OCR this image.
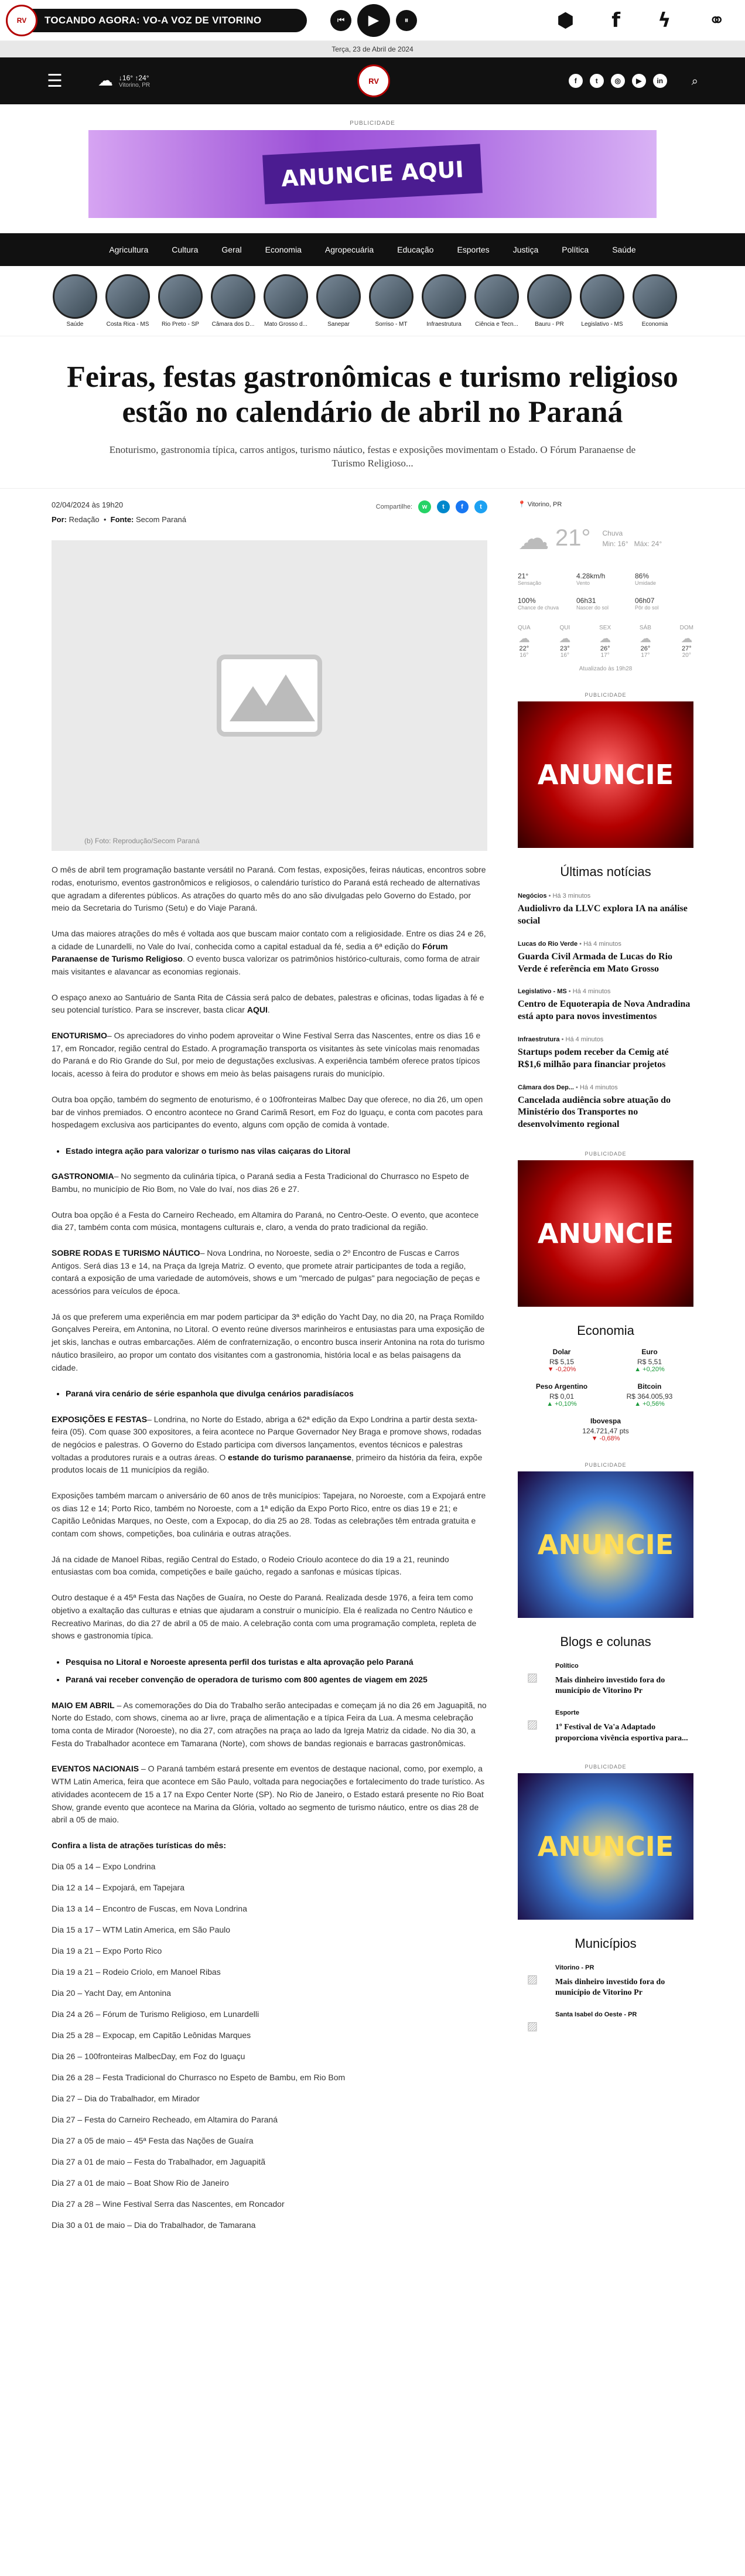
RV	TOCANDO AGORA: VO-A VOZ DE VITORINO	⏮	▶	⏸	⬢ f ϟ ⚭
Terça, 23 de Abril de 2024
☰ ☁ ↓16° ↑24°
Vitorino, PR	RV	f	t	◎	▶	in	⌕
PUBLICIDADE
ANUNCIE AQUI
Agricultura	Cultura	Geral	Economia	Agropecuária	Educação	Esportes	Justiça	Política	Saúde
Saúde	Costa Rica - MS	Rio Preto - SP	Câmara dos D... Mato Grosso d...	Sanepar	Sorriso - MT	Infraestrutura	Ciência e Tecn...	Bauru - PR	Legislativo - MS	Economia
Feiras, festas gastronômicas e turismo religioso estão no calendário de abril no Paraná
Enoturismo, gastronomia típica, carros antigos, turismo náutico, festas e exposições movimentam o Estado. O Fórum Paranaense de Turismo Religioso...
02/04/2024 às 19h20
Por: Redação  •  Fonte: Secom Paraná
Compartilhe:	w	t	f	t
(b) Foto: Reprodução/Secom Paraná

O mês de abril tem programação bastante versátil no Paraná. Com festas, exposições, feiras náuticas, encontros sobre rodas, enoturismo, eventos gastronômicos e religiosos, o calendário turístico do Paraná está recheado de alternativas que agradam a diferentes públicos. As atrações do quarto mês do ano são divulgadas pelo Governo do Estado, por meio da Secretaria do Turismo (Setu) e do Viaje Paraná.

Uma das maiores atrações do mês é voltada aos que buscam maior contato com a religiosidade. Entre os dias 24 e 26, a cidade de Lunardelli, no Vale do Ivaí, conhecida como a capital estadual da fé, sedia a 6ª edição do Fórum Paranaense de Turismo Religioso. O evento busca valorizar os patrimônios histórico-culturais, como forma de atrair mais visitantes e alavancar as economias regionais.

O espaço anexo ao Santuário de Santa Rita de Cássia será palco de debates, palestras e oficinas, todas ligadas à fé e seu potencial turístico. Para se inscrever, basta clicar AQUI.

ENOTURISMO– Os apreciadores do vinho podem aproveitar o Wine Festival Serra das Nascentes, entre os dias 16 e 17, em Roncador, região central do Estado. A programação transporta os visitantes às sete vinícolas mais renomadas do Paraná e do Rio Grande do Sul, por meio de degustações exclusivas. A experiência também oferece pratos típicos locais, acesso à feira do produtor e shows em meio às belas paisagens rurais do município.

Outra boa opção, também do segmento de enoturismo, é o 100fronteiras Malbec Day que oferece, no dia 26, um open bar de vinhos premiados. O encontro acontece no Grand Carimã Resort, em Foz do Iguaçu, e conta com pacotes para hospedagem exclusiva aos participantes do evento, alguns com opção de comida à vontade.

• Estado integra ação para valorizar o turismo nas vilas caiçaras do Litoral

GASTRONOMIA– No segmento da culinária típica, o Paraná sedia a Festa Tradicional do Churrasco no Espeto de Bambu, no município de Rio Bom, no Vale do Ivaí, nos dias 26 e 27.

Outra boa opção é a Festa do Carneiro Recheado, em Altamira do Paraná, no Centro-Oeste. O evento, que acontece dia 27, também conta com música, montagens culturais e, claro, a venda do prato tradicional da região.

SOBRE RODAS E TURISMO NÁUTICO– Nova Londrina, no Noroeste, sedia o 2º Encontro de Fuscas e Carros Antigos. Será dias 13 e 14, na Praça da Igreja Matriz. O evento, que promete atrair participantes de toda a região, contará a exposição de uma variedade de automóveis, shows e um "mercado de pulgas" para negociação de peças e acessórios para veículos de época.

Já os que preferem uma experiência em mar podem participar da 3ª edição do Yacht Day, no dia 20, na Praça Romildo Gonçalves Pereira, em Antonina, no Litoral. O evento reúne diversos marinheiros e entusiastas para uma exposição de jet skis, lanchas e outras embarcações. Além de confraternização, o encontro busca inserir Antonina na rota do turismo náutico brasileiro, ao propor um contato dos visitantes com a gastronomia, história local e as belas paisagens da cidade.

• Paraná vira cenário de série espanhola que divulga cenários paradisíacos

EXPOSIÇÕES E FESTAS– Londrina, no Norte do Estado, abriga a 62ª edição da Expo Londrina a partir desta sexta-feira (05). Com quase 300 expositores, a feira acontece no Parque Governador Ney Braga e promove shows, rodadas de negócios e palestras. O Governo do Estado participa com diversos lançamentos, eventos técnicos e palestras voltadas a produtores rurais e a outras áreas. O estande do turismo paranaense, primeiro da história da feira, expõe produtos locais de 11 municípios da região.

Exposições também marcam o aniversário de 60 anos de três municípios: Tapejara, no Noroeste, com a Expojará entre os dias 12 e 14; Porto Rico, também no Noroeste, com a 1ª edição da Expo Porto Rico, entre os dias 19 e 21; e Capitão Leônidas Marques, no Oeste, com a Expocap, do dia 25 ao 28. Todas as celebrações têm entrada gratuita e contam com shows, competições, boa culinária e outras atrações.

Já na cidade de Manoel Ribas, região Central do Estado, o Rodeio Crioulo acontece do dia 19 a 21, reunindo entusiastas com boa comida, competições e baile gaúcho, regado a sanfonas e músicas típicas.

Outro destaque é a 45ª Festa das Nações de Guaíra, no Oeste do Paraná. Realizada desde 1976, a feira tem como objetivo a exaltação das culturas e etnias que ajudaram a construir o município. Ela é realizada no Centro Náutico e Recreativo Marinas, do dia 27 de abril a 05 de maio. A celebração conta com uma programação completa, repleta de shows e gastronomia típica.

• Pesquisa no Litoral e Noroeste apresenta perfil dos turistas e alta aprovação pelo Paraná
• Paraná vai receber convenção de operadora de turismo com 800 agentes de viagem em 2025

MAIO EM ABRIL – As comemorações do Dia do Trabalho serão antecipadas e começam já no dia 26 em Jaguapitã, no Norte do Estado, com shows, cinema ao ar livre, praça de alimentação e a típica Feira da Lua. A mesma celebração toma conta de Mirador (Noroeste), no dia 27, com atrações na praça ao lado da Igreja Matriz da cidade. No dia 30, a Festa do Trabalhador acontece em Tamarana (Norte), com shows de bandas regionais e barracas gastronômicas.

EVENTOS NACIONAIS – O Paraná também estará presente em eventos de destaque nacional, como, por exemplo, a WTM Latin America, feira que acontece em São Paulo, voltada para negociações e fortalecimento do trade turístico. As atividades acontecem de 15 a 17 na Expo Center Norte (SP). No Rio de Janeiro, o Estado estará presente no Rio Boat Show, grande evento que acontece na Marina da Glória, voltado ao segmento de turismo náutico, entre os dias 28 de abril a 05 de maio.

Confira a lista de atrações turísticas do mês:
Dia 05 a 14 – Expo Londrina
Dia 12 a 14 – Expojará, em Tapejara
Dia 13 a 14 – Encontro de Fuscas, em Nova Londrina
Dia 15 a 17 – WTM Latin America, em São Paulo
Dia 19 a 21 – Expo Porto Rico
Dia 19 a 21 – Rodeio Criolo, em Manoel Ribas
Dia 20 – Yacht Day, em Antonina
Dia 24 a 26 – Fórum de Turismo Religioso, em Lunardelli
Dia 25 a 28 – Expocap, em Capitão Leônidas Marques
Dia 26 – 100fronteiras MalbecDay, em Foz do Iguaçu
Dia 26 a 28 – Festa Tradicional do Churrasco no Espeto de Bambu, em Rio Bom
Dia 27 – Dia do Trabalhador, em Mirador
Dia 27 – Festa do Carneiro Recheado, em Altamira do Paraná
Dia 27 a 05 de maio – 45ª Festa das Nações de Guaíra
Dia 27 a 01 de maio – Festa do Trabalhador, em Jaguapitã
Dia 27 a 01 de maio – Boat Show Rio de Janeiro
Dia 27 a 28 – Wine Festival Serra das Nascentes, em Roncador
Dia 30 a 01 de maio – Dia do Trabalhador, de Tamarana
📍 Vitorino, PR
☁ 21° Chuva
Min: 16° Máx: 24°
21°
Sensação
4.28km/h
Vento
86%
Umidade
100%
Chance de chuva
06h31
Nascer do sol
06h07
Pôr do sol
QUA
☁
22°
16°
QUI
☁
23°
16°
SEX
☁
26°
17°
SÁB
☁
26°
17°
DOM
☁
27°
20°
Atualizado às 19h28
PUBLICIDADE
ANUNCIE
Últimas notícias
Negócios • Há 3 minutos
Audiolivro da LLVC explora IA na análise social
Lucas do Rio Verde • Há 4 minutos
Guarda Civil Armada de Lucas do Rio Verde é referência em Mato Grosso
Legislativo - MS • Há 4 minutos
Centro de Equoterapia de Nova Andradina está apto para novos investimentos
Infraestrutura • Há 4 minutos
Startups podem receber da Cemig até R$1,6 milhão para financiar projetos
Câmara dos Dep... • Há 4 minutos
Cancelada audiência sobre atuação do Ministério dos Transportes no desenvolvimento regional
PUBLICIDADE
ANUNCIE
Economia
Dolar
R$ 5,15
▼ -0,20%
Euro
R$ 5,51
▲ +0,20%
Peso Argentino
R$ 0,01
▲ +0,10%
Bitcoin
R$ 364.005,93
▲ +0,56%
Ibovespa
124.721,47 pts
▼ -0,68%
PUBLICIDADE
ANUNCIE
Blogs e colunas
▨
Político
Mais dinheiro investido fora do município de Vitorino Pr
▨
Esporte
1º Festival de Va'a Adaptado proporciona vivência esportiva para...
PUBLICIDADE
ANUNCIE
Municípios
▨
Vitorino - PR
Mais dinheiro investido fora do município de Vitorino Pr
▨
Santa Isabel do Oeste - PR
